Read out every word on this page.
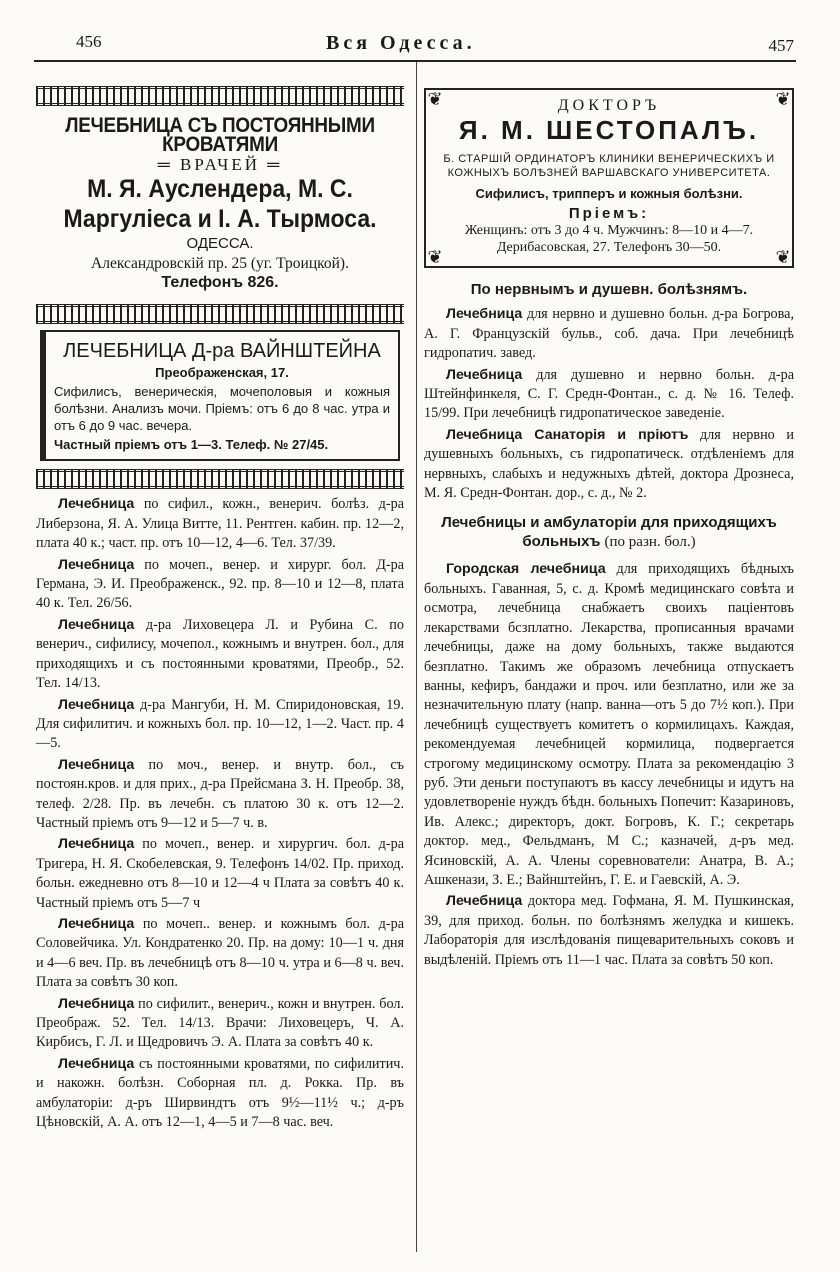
456	Вся Одесса.	457
ЛЕЧЕБНИЦА СЪ ПОСТОЯННЫМИ КРОВАТЯМИ
═ ВРАЧЕЙ ═
М. Я. Ауслендера, М. С. Маргуліеса и І. А. Тырмоса.
ОДЕССА.
Александровскій пр. 25 (уг. Троицкой).
Телефонъ 826.
ЛЕЧЕБНИЦА Д-ра ВАЙНШТЕЙНА
Преображенская, 17.
Сифилисъ, венерическія, мочеполовыя и кожныя болѣзни. Анализъ мочи. Пріемъ: отъ 6 до 8 час. утра и отъ 6 до 9 час. вечера.
Частный пріемъ отъ 1—3. Телеф. № 27/45.

Лечебница по сифил., кожн., венерич. болѣз. д-ра Либерзона, Я. А. Улица Витте, 11. Рентген. кабин. пр. 12—2, плата 40 к.; част. пр. отъ 10—12, 4—6. Тел. 37/39.

Лечебница по мочеп., венер. и хирург. бол. Д-ра Германа, Э. И. Преображенск., 92. пр. 8—10 и 12—8, плата 40 к. Тел. 26/56.

Лечебница д-ра Лиховецера Л. и Рубина С. по венерич., сифилису, мочепол., кожнымъ и внутрен. бол., для приходящихъ и съ постоянными кроватями, Преобр., 52. Тел. 14/13.

Лечебница д-ра Мангуби, Н. М. Спиридоновская, 19. Для сифилитич. и кожныхъ бол. пр. 10—12, 1—2. Част. пр. 4—5.

Лечебница по моч., венер. и внутр. бол., съ постоян.кров. и для прих., д-ра Прейсмана З. Н. Преобр. 38, телеф. 2/28. Пр. въ лечебн. съ платою 30 к. отъ 12—2. Частный пріемъ отъ 9—12 и 5—7 ч. в.

Лечебница по мочеп., венер. и хирургич. бол. д-ра Тригера, Н. Я. Скобелевская, 9. Телефонъ 14/02. Пр. приход. больн. ежедневно отъ 8—10 и 12—4 ч Плата за совѣтъ 40 к. Частный пріемъ отъ 5—7 ч

Лечебница по мочеп.. венер. и кожнымъ бол. д-ра Соловейчика. Ул. Кондратенко 20. Пр. на дому: 10—1 ч. дня и 4—6 веч. Пр. въ лечебницѣ отъ 8—10 ч. утра и 6—8 ч. веч. Плата за совѣтъ 30 коп.

Лечебница по сифилит., венерич., кожн и внутрен. бол. Преображ. 52. Тел. 14/13. Врачи: Лиховецеръ, Ч. А. Кирбисъ, Г. Л. и Щедровичъ Э. А. Плата за совѣтъ 40 к.

Лечебница съ постоянными кроватями, по сифилитич. и накожн. болѣзн. Соборная пл. д. Рокка. Пр. въ амбулаторіи: д-ръ Ширвиндтъ отъ 9½—11½ ч.; д-ръ Цѣновскій, А. А. отъ 12—1, 4—5 и 7—8 час. веч.

❦	❦
❦	❦
ДОКТОРЪ
Я. М. ШЕСТОПАЛЪ.
Б. СТАРШІЙ ОРДИНАТОРЪ КЛИНИКИ ВЕНЕРИЧЕСКИХЪ И КОЖНЫХЪ БОЛѢЗНЕЙ ВАРШАВСКАГО УНИВЕРСИТЕТА.
Сифилисъ, трипперъ и кожныя болѣзни.
Пріемъ:
Женщинъ: отъ 3 до 4 ч. Мужчинъ: 8—10 и 4—7. Дерибасовская, 27. Телефонъ 30—50.
По нервнымъ и душевн. болѣзнямъ.

Лечебница для нервно и душевно больн. д-ра Богрова, А. Г. Французскій бульв., соб. дача. При лечебницѣ гидропатич. завед.

Лечебница для душевно и нервно больн. д-ра Штейнфинкеля, С. Г. Средн-Фонтан., с. д. № 16. Телеф. 15/99. При лечебницѣ гидропатическое заведеніе.

Лечебница Санаторія и пріютъ для нервно и душевныхъ больныхъ, съ гидропатическ. отдѣленіемъ для нервныхъ, слабыхъ и недужныхъ дѣтей, доктора Дрознеса, М. Я. Средн-Фонтан. дор., с. д., № 2.

Лечебницы и амбулаторіи для приходящихъ больныхъ (по разн. бол.)

Городская лечебница для приходящихъ бѣдныхъ больныхъ. Гаванная, 5, с. д. Кромѣ медицинскаго совѣта и осмотра, лечебница снабжаетъ своихъ паціентовъ лекарствами бсзплатно. Лекарства, прописанныя врачами лечебницы, даже на дому больныхъ, также выдаются безплатно. Такимъ же образомъ лечебница отпускаетъ ванны, кефиръ, бандажи и проч. или безплатно, или же за незначительную плату (напр. ванна—отъ 5 до 7½ коп.). При лечебницѣ существуетъ комитетъ о кормилицахъ. Каждая, рекомендуемая лечебницей кормилица, подвергается строгому медицинскому осмотру. Плата за рекомендацію 3 руб. Эти деньги поступаютъ въ кассу лечебницы и идутъ на удовлетвореніе нуждъ бѣдн. больныхъ Попечит: Казариновъ, Ив. Алекс.; директоръ, докт. Богровъ, К. Г.; секретарь доктор. мед., Фельдманъ, М С.; казначей, д-ръ мед. Ясиновскій, А. А. Члены соревнователи: Анатра, В. А.; Ашкенази, З. Е.; Вайнштейнъ, Г. Е. и Гаевскій, А. Э.

Лечебница доктора мед. Гофмана, Я. М. Пушкинская, 39, для приход. больн. по болѣзнямъ желудка и кишекъ. Лабораторія для изслѣдованія пищеварительныхъ соковъ и выдѣленій. Пріемъ отъ 11—1 час. Плата за совѣтъ 50 коп.
